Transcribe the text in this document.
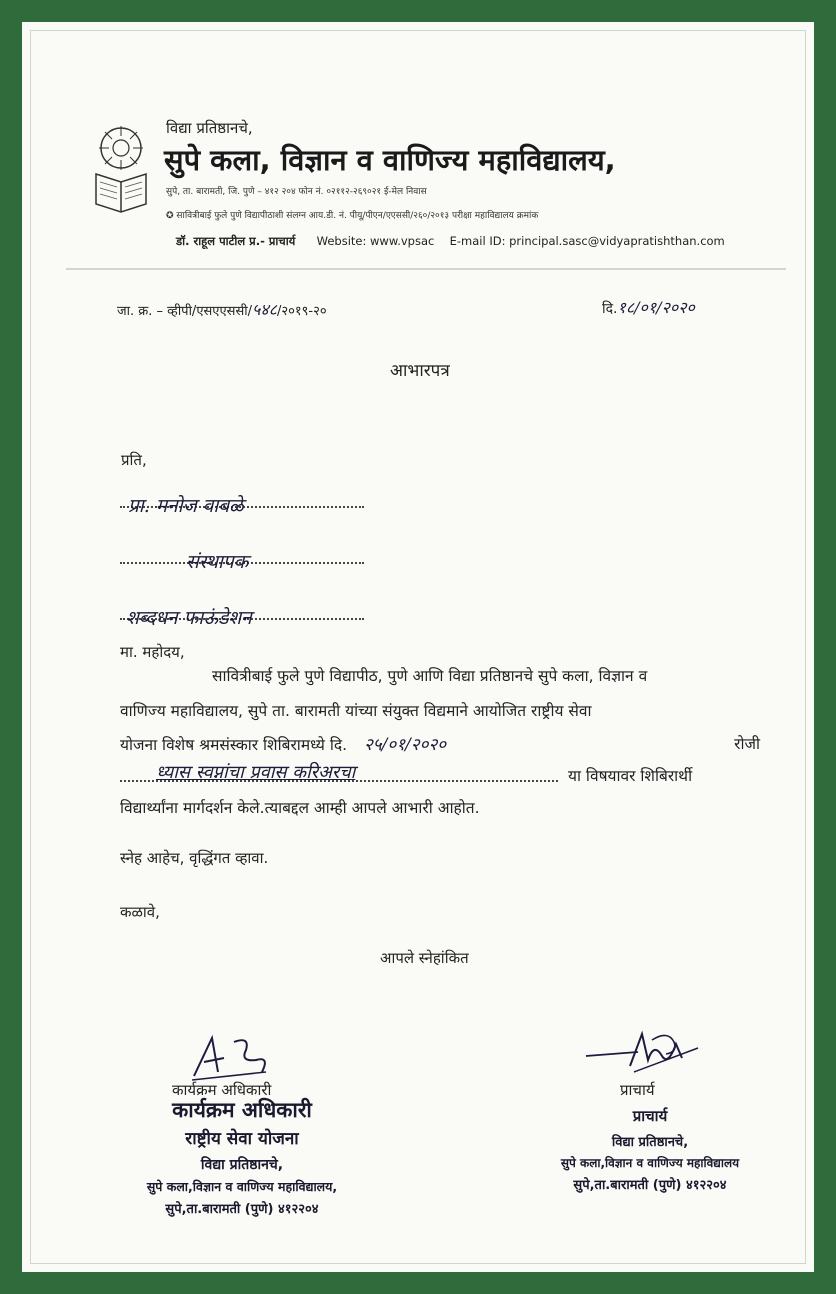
विद्या प्रतिष्ठानचे,
सुपे कला, विज्ञान व वाणिज्य महाविद्यालय,
सुपे, ता. बारामती, जि. पुणे – ४१२ २०४ फोन नं. ०२११२-२६९०२१ ई-मेल निवास
✪ सावित्रीबाई फुले पुणे विद्यापीठाशी संलग्न आय.डी. नं. पीयू/पीएन/एएससी/२६०/२०१३ परीक्षा महाविद्यालय क्रमांक
डॉ. राहूल पाटील प्र.- प्राचार्य Website: www.vpsac E-mail ID: principal.sasc@vidyapratishthan.com
जा. क्र. – व्हीपी/एसएएससी/५४८/२०१९-२०	दि.१८/०१/२०२०
आभारपत्र
प्रति,
प्रा. मनोज वाबळे
संस्थापक
शब्दधन फाऊंडेशन
मा. महोदय,
सावित्रीबाई फुले पुणे विद्यापीठ, पुणे आणि विद्या प्रतिष्ठानचे सुपे कला, विज्ञान व
वाणिज्य महाविद्यालय, सुपे ता. बारामती यांच्या संयुक्त विद्यमाने आयोजित राष्ट्रीय सेवा
योजना विशेष श्रमसंस्कार शिबिरामध्ये दि. २५/०१/२०२०	रोजी
ध्यास स्वप्नांचा प्रवास करिअरचा	या विषयावर शिबिरार्थी
विद्यार्थ्यांना मार्गदर्शन केले.त्याबद्दल आम्ही आपले आभारी आहोत.
स्नेह आहेच, वृद्धिंगत व्हावा.
कळावे,
आपले स्नेहांकित
कार्यक्रम अधिकारी
कार्यक्रम अधिकारी
राष्ट्रीय सेवा योजना
विद्या प्रतिष्ठानचे,
सुपे कला,विज्ञान व वाणिज्य महाविद्यालय,
सुपे,ता.बारामती (पुणे) ४१२२०४
प्राचार्य
प्राचार्य
विद्या प्रतिष्ठानचे,
सुपे कला,विज्ञान व वाणिज्य महाविद्यालय
सुपे,ता.बारामती (पुणे) ४१२२०४
